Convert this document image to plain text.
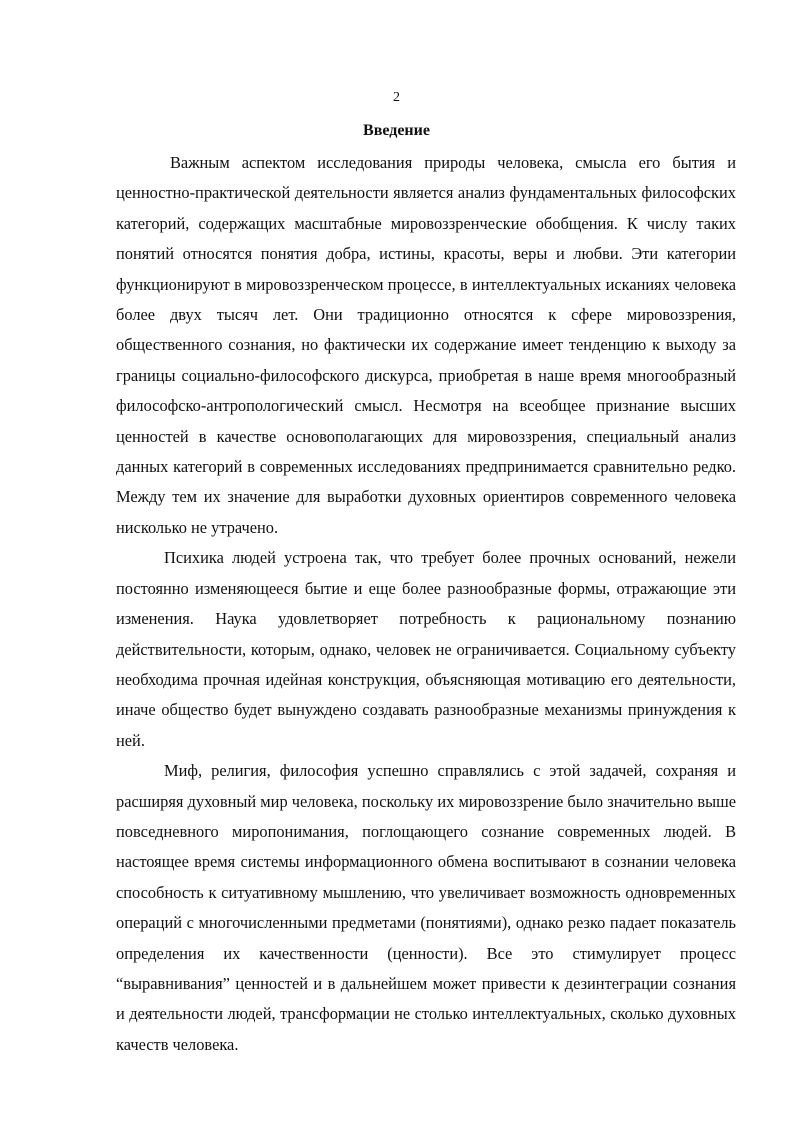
2
Введение

Важным аспектом исследования природы человека, смысла его бытия и ценностно-практической деятельности является анализ фундаментальных философских категорий, содержащих масштабные мировоззренческие обобщения. К числу таких понятий относятся понятия добра, истины, красоты, веры и любви. Эти категории функционируют в мировоззренческом процессе, в интеллектуальных исканиях человека более двух тысяч лет. Они традиционно относятся к сфере мировоззрения, общественного сознания, но фактически их содержание имеет тенденцию к выходу за границы социально-философского дискурса, приобретая в наше время многообразный философско-антропологический смысл. Несмотря на всеобщее признание высших ценностей в качестве основополагающих для мировоззрения, специальный анализ данных категорий в современных исследованиях предпринимается сравнительно редко. Между тем их значение для выработки духовных ориентиров современного человека нисколько не утрачено.

Психика людей устроена так, что требует более прочных оснований, нежели постоянно изменяющееся бытие и еще более разнообразные формы, отражающие эти изменения. Наука удовлетворяет потребность к рациональному познанию действительности, которым, однако, человек не ограничивается. Социальному субъекту необходима прочная идейная конструкция, объясняющая мотивацию его деятельности, иначе общество будет вынуждено создавать разнообразные механизмы принуждения к ней.

Миф, религия, философия успешно справлялись с этой задачей, сохраняя и расширяя духовный мир человека, поскольку их мировоззрение было значительно выше повседневного миропонимания, поглощающего сознание современных людей. В настоящее время системы информационного обмена воспитывают в сознании человека способность к ситуативному мышлению, что увеличивает возможность одновременных операций с многочисленными предметами (понятиями), однако резко падает показатель определения их качественности (ценности). Все это стимулирует процесс “выравнивания” ценностей и в дальнейшем может привести к дезинтеграции сознания и деятельности людей, трансформации не столько интеллектуальных, сколько духовных качеств человека.
